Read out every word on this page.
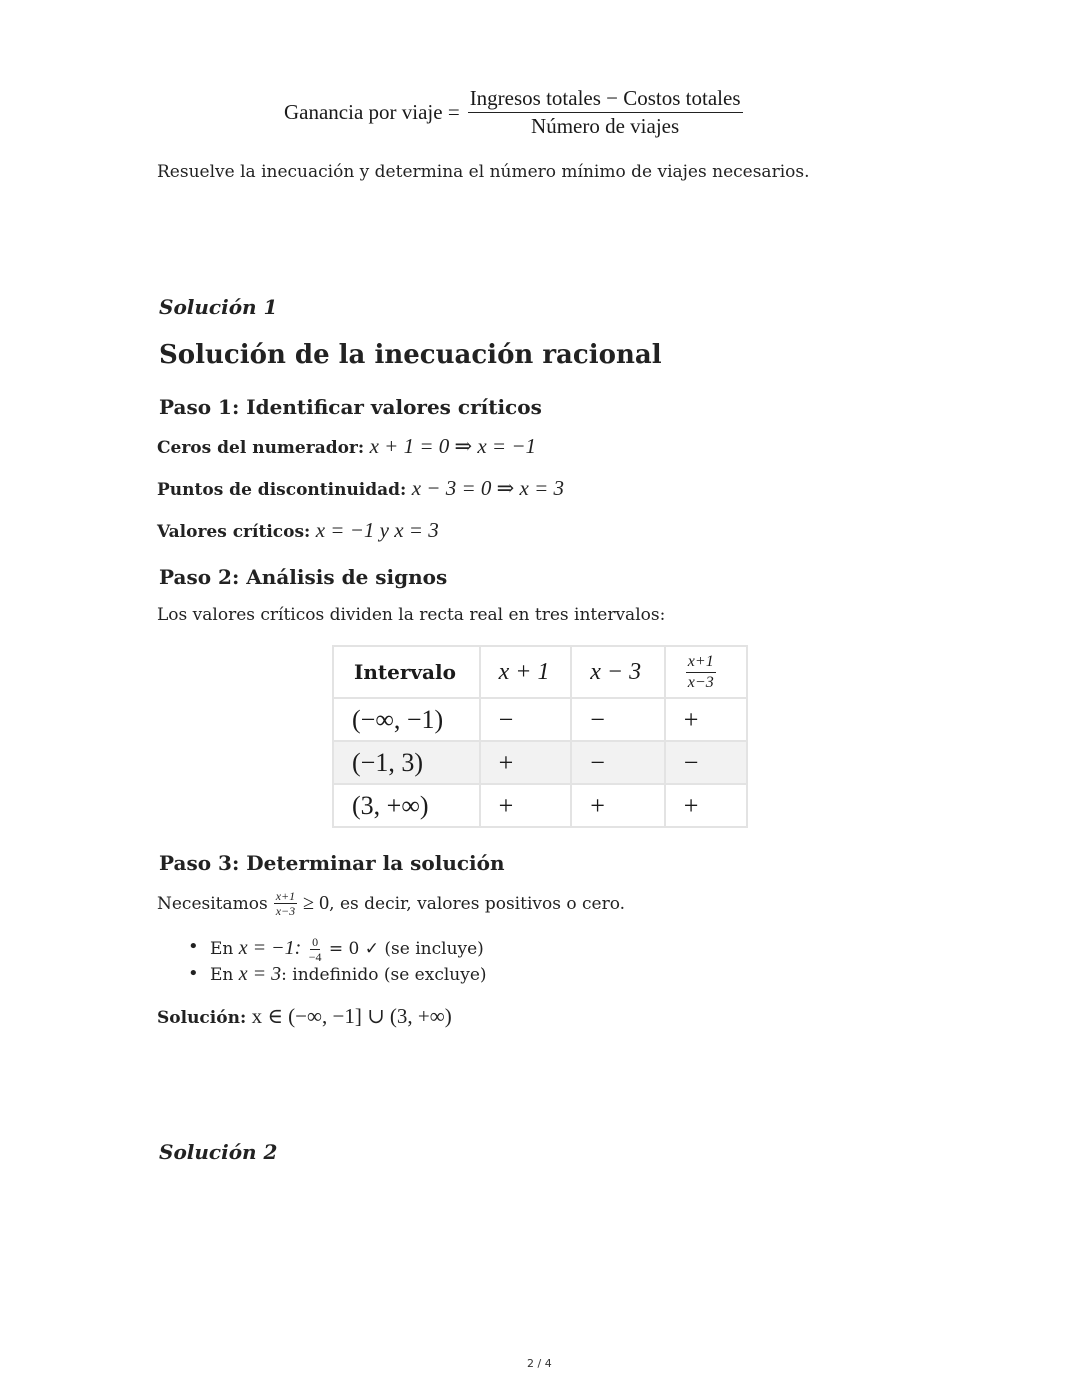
Ganancia por viaje = $\frac{\text{Ingresos totales − Costos totales}}{\text{Número de viajes}}$
Resuelve la inecuación y determina el número mínimo de viajes necesarios.
Solución 1
Solución de la inecuación racional
Paso 1: Identificar valores críticos
Ceros del numerador: x + 1 = 0 ⇒ x = −1
Puntos de discontinuidad: x − 3 = 0 ⇒ x = 3
Valores críticos: x = −1 y x = 3
Paso 2: Análisis de signos
Los valores críticos dividen la recta real en tres intervalos:
Intervalo	x + 1	x − 3	$\frac{x+1}{x-3}$

(−∞, −1)	−	−	+
(−1, 3)	+	−	−
(3, +∞)	+	+	+
Paso 3: Determinar la solución
Necesitamos $\frac{x+1}{x-3} \ge 0$ , es decir, valores positivos o cero.
• En x = −1: $\frac{0}{-4} = 0$ ✓ (se incluye)
• En x = 3: indefinido (se excluye)
Solución: x ∈ (−∞, −1] ∪ (3, +∞)
Solución 2
2 / 4
